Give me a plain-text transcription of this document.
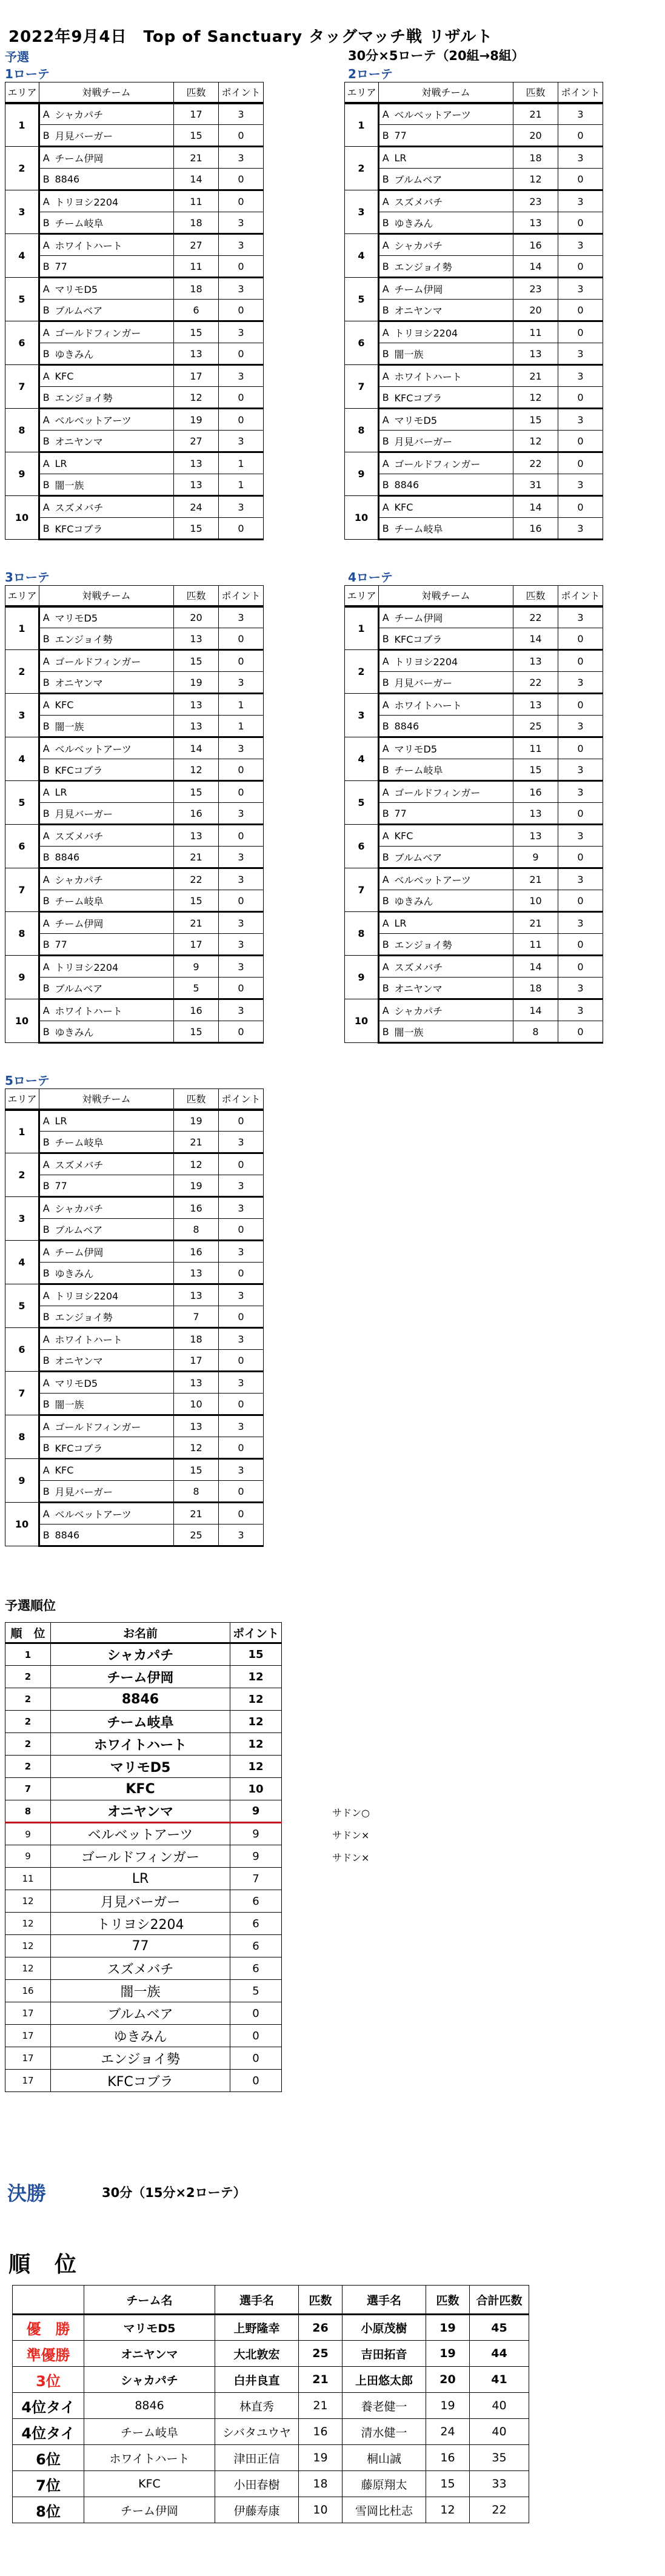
2022年9月4日　Top of Sanctuary タッグマッチ戦 リザルト
予選	30分×5ローテ（20組→8組）
1ローテ
エリア	対戦チーム		匹数	ポイント
1	A	シャカパチ	17	3
	B	月見バーガー	15	0
2	A	チーム伊岡	21	3
	B	8846	14	0
3	A	トリヨシ2204	11	0
	B	チーム岐阜	18	3
4	A	ホワイトハート	27	3
	B	77	11	0
5	A	マリモD5	18	3
	B	ブルムベア	6	0
6	A	ゴールドフィンガー	15	3
	B	ゆきみん	13	0
7	A	KFC	17	3
	B	エンジョイ勢	12	0
8	A	ベルベットアーツ	19	0
	B	オニヤンマ	27	3
9	A	LR	13	1
	B	闇一族	13	1
10	A	スズメバチ	24	3
	B	KFCコブラ	15	0
2ローテ
エリア	対戦チーム		匹数	ポイント
1	A	ベルベットアーツ	21	3
	B	77	20	0
2	A	LR	18	3
	B	ブルムベア	12	0
3	A	スズメバチ	23	3
	B	ゆきみん	13	0
4	A	シャカパチ	16	3
	B	エンジョイ勢	14	0
5	A	チーム伊岡	23	3
	B	オニヤンマ	20	0
6	A	トリヨシ2204	11	0
	B	闇一族	13	3
7	A	ホワイトハート	21	3
	B	KFCコブラ	12	0
8	A	マリモD5	15	3
	B	月見バーガー	12	0
9	A	ゴールドフィンガー	22	0
	B	8846	31	3
10	A	KFC	14	0
	B	チーム岐阜	16	3
3ローテ
エリア	対戦チーム		匹数	ポイント
1	A	マリモD5	20	3
	B	エンジョイ勢	13	0
2	A	ゴールドフィンガー	15	0
	B	オニヤンマ	19	3
3	A	KFC	13	1
	B	闇一族	13	1
4	A	ベルベットアーツ	14	3
	B	KFCコブラ	12	0
5	A	LR	15	0
	B	月見バーガー	16	3
6	A	スズメバチ	13	0
	B	8846	21	3
7	A	シャカパチ	22	3
	B	チーム岐阜	15	0
8	A	チーム伊岡	21	3
	B	77	17	3
9	A	トリヨシ2204	9	3
	B	ブルムベア	5	0
10	A	ホワイトハート	16	3
	B	ゆきみん	15	0
4ローテ
エリア	対戦チーム		匹数	ポイント
1	A	チーム伊岡	22	3
	B	KFCコブラ	14	0
2	A	トリヨシ2204	13	0
	B	月見バーガー	22	3
3	A	ホワイトハート	13	0
	B	8846	25	3
4	A	マリモD5	11	0
	B	チーム岐阜	15	3
5	A	ゴールドフィンガー	16	3
	B	77	13	0
6	A	KFC	13	3
	B	ブルムベア	9	0
7	A	ベルベットアーツ	21	3
	B	ゆきみん	10	0
8	A	LR	21	3
	B	エンジョイ勢	11	0
9	A	スズメバチ	14	0
	B	オニヤンマ	18	3
10	A	シャカパチ	14	3
	B	闇一族	8	0
5ローテ
エリア	対戦チーム		匹数	ポイント
1	A	LR	19	0
	B	チーム岐阜	21	3
2	A	スズメバチ	12	0
	B	77	19	3
3	A	シャカパチ	16	3
	B	ブルムベア	8	0
4	A	チーム伊岡	16	3
	B	ゆきみん	13	0
5	A	トリヨシ2204	13	3
	B	エンジョイ勢	7	0
6	A	ホワイトハート	18	3
	B	オニヤンマ	17	0
7	A	マリモD5	13	3
	B	闇一族	10	0
8	A	ゴールドフィンガー	13	3
	B	KFCコブラ	12	0
9	A	KFC	15	3
	B	月見バーガー	8	0
10	A	ベルベットアーツ	21	0
	B	8846	25	3
予選順位
順　位	お名前	ポイント
1	シャカパチ	15
2	チーム伊岡	12
2	8846	12
2	チーム岐阜	12
2	ホワイトハート	12
2	マリモD5	12
7	KFC	10
8	オニヤンマ	9
9	ベルベットアーツ	9
9	ゴールドフィンガー	9
11	LR	7
12	月見バーガー	6
12	トリヨシ2204	6
12	77	6
12	スズメバチ	6
16	闇一族	5
17	ブルムベア	0
17	ゆきみん	0
17	エンジョイ勢	0
17	KFCコブラ	0
サドン○
サドン×
サドン×
決勝	30分（15分×2ローテ）
順　位
	チーム名	選手名	匹数	選手名	匹数	合計匹数
優　勝	マリモD5	上野隆幸	26	小原茂樹	19	45
準優勝	オニヤンマ	大北敦宏	25	吉田拓音	19	44
3位	シャカパチ	白井良直	21	上田悠太郎	20	41
4位タイ	8846	林直秀	21	養老健一	19	40
4位タイ	チーム岐阜	シバタユウヤ	16	清水健一	24	40
6位	ホワイトハート	津田正信	19	桐山誠	16	35
7位	KFC	小田春樹	18	藤原翔太	15	33
8位	チーム伊岡	伊藤寿康	10	雪岡比杜志	12	22
